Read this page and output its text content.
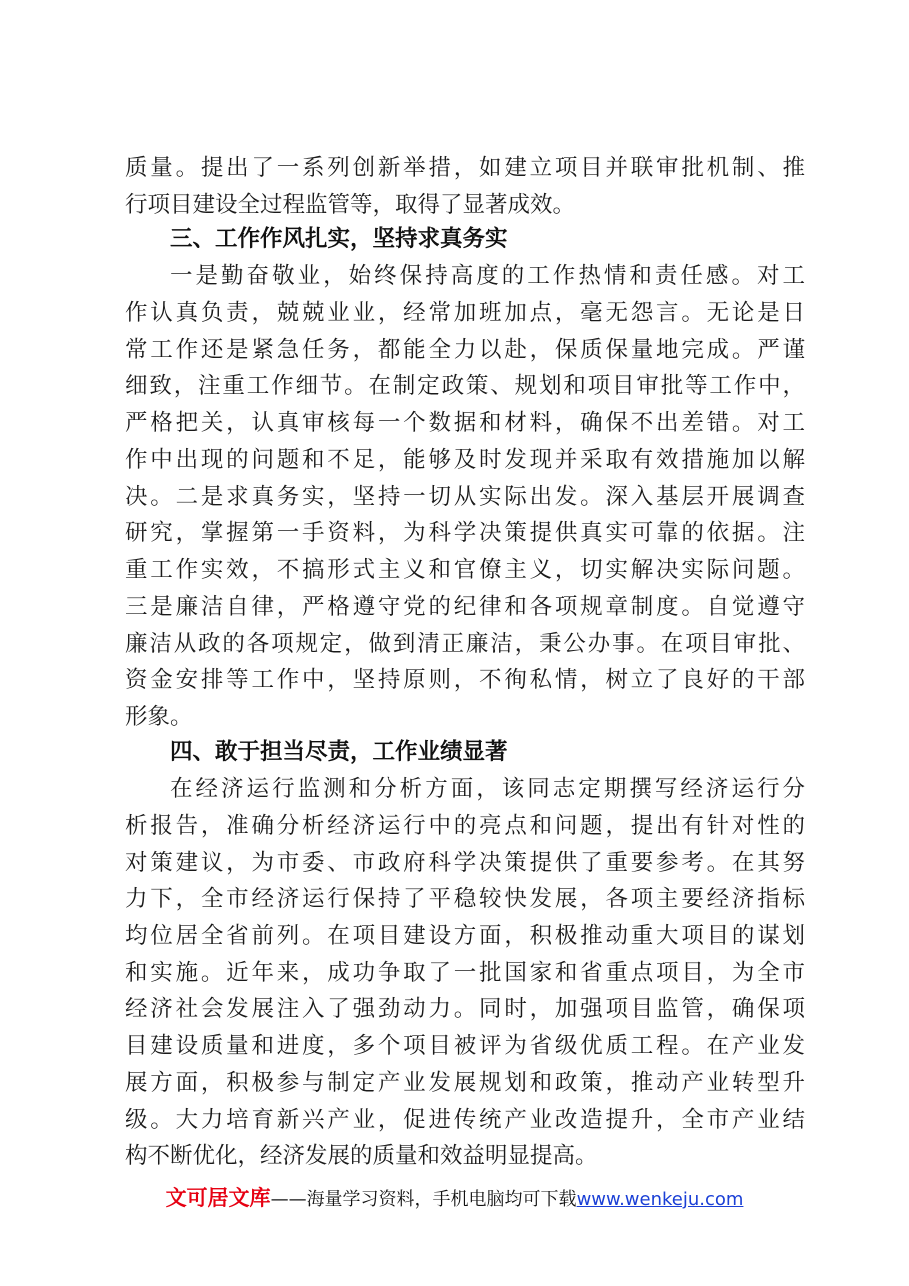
质量。提出了一系列创新举措，如建立项目并联审批机制、推
行项目建设全过程监管等，取得了显著成效。
三、工作作风扎实，坚持求真务实
一是勤奋敬业，始终保持高度的工作热情和责任感。对工
作认真负责，兢兢业业，经常加班加点，毫无怨言。无论是日
常工作还是紧急任务，都能全力以赴，保质保量地完成。严谨
细致，注重工作细节。在制定政策、规划和项目审批等工作中，
严格把关，认真审核每一个数据和材料，确保不出差错。对工
作中出现的问题和不足，能够及时发现并采取有效措施加以解
决。二是求真务实，坚持一切从实际出发。深入基层开展调查
研究，掌握第一手资料，为科学决策提供真实可靠的依据。注
重工作实效，不搞形式主义和官僚主义，切实解决实际问题。
三是廉洁自律，严格遵守党的纪律和各项规章制度。自觉遵守
廉洁从政的各项规定，做到清正廉洁，秉公办事。在项目审批、
资金安排等工作中，坚持原则，不徇私情，树立了良好的干部
形象。
四、敢于担当尽责，工作业绩显著
在经济运行监测和分析方面，该同志定期撰写经济运行分
析报告，准确分析经济运行中的亮点和问题，提出有针对性的
对策建议，为市委、市政府科学决策提供了重要参考。在其努
力下，全市经济运行保持了平稳较快发展，各项主要经济指标
均位居全省前列。在项目建设方面，积极推动重大项目的谋划
和实施。近年来，成功争取了一批国家和省重点项目，为全市
经济社会发展注入了强劲动力。同时，加强项目监管，确保项
目建设质量和进度，多个项目被评为省级优质工程。在产业发
展方面，积极参与制定产业发展规划和政策，推动产业转型升
级。大力培育新兴产业，促进传统产业改造提升，全市产业结
构不断优化，经济发展的质量和效益明显提高。
文可居文库——海量学习资料，手机电脑均可下载www.wenkeju.com
